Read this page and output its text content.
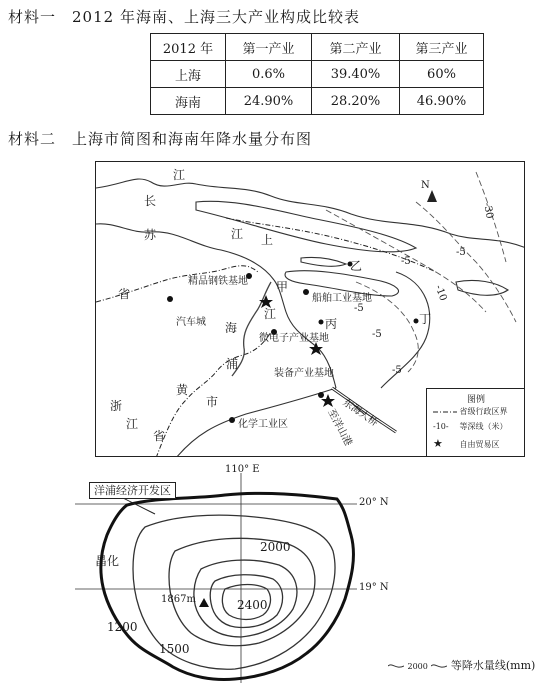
材料一　2012 年海南、上海三大产业构成比较表
2012 年	第一产业	第二产业	第三产业
上海	0.6%	39.40%	60%
海南	24.90%	28.20%	46.90%
材料二　上海市简图和海南年降水量分布图
江
长
苏	江 上
省
江
海
浦
黄
市
浙
江
省
乙
甲
丙	丁
精品钢铁基地
汽车城
船舶工业基地
微电子产业基地
装备产业基地
化学工业区	东海大桥
至洋山港
N
-5
-5
-5
-5
-5
-10
-30
图例
省级行政区界
-10- 等深线（米）
★ 自由贸易区
110° E
20° N
19° N
洋浦经济开发区
昌化
1867m
2000
2400
1200
1500
2000 等降水量线(mm)
